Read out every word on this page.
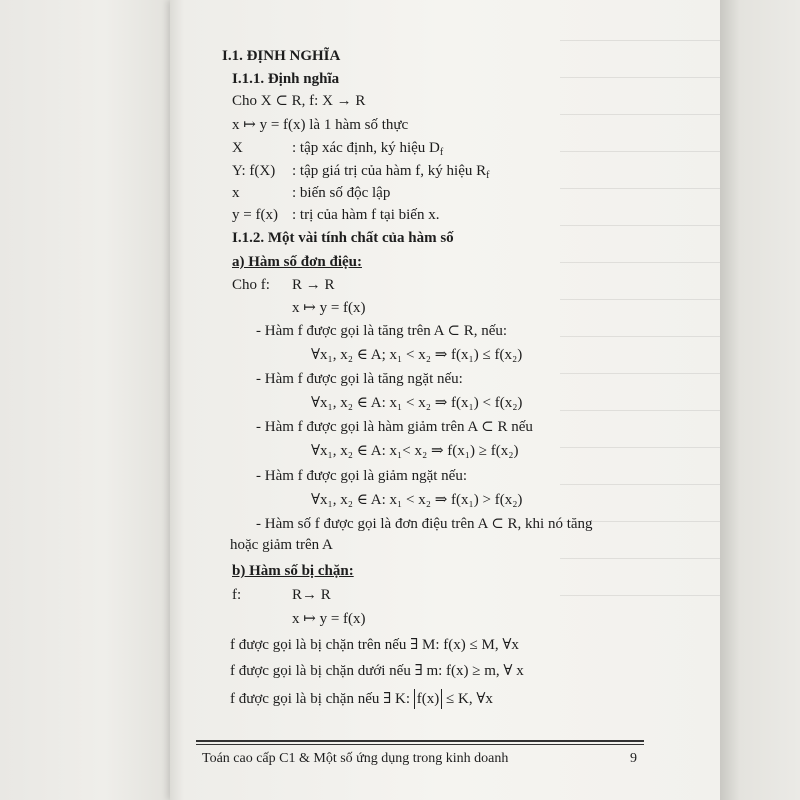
I.1. ĐỊNH NGHĨA
I.1.1. Định nghĩa
Cho X ⊂ R, f: X → R
x ↦ y = f(x) là 1 hàm số thực
X	: tập xác định, ký hiệu $D_f$
Y: f(X) : tập giá trị của hàm f, ký hiệu $R_f$
x	: biến số độc lập
y = f(x) : trị của hàm f tại biến x.
I.1.2. Một vài tính chất của hàm số
a) Hàm số đơn điệu:
Cho f: R → R
x ↦ y = f(x)
- Hàm f được gọi là tăng trên A ⊂ R, nếu:
∀x₁, x₂ ∈ A; x₁ < x₂ ⇒ f(x₁) ≤ f(x₂)
- Hàm f được gọi là tăng ngặt nếu:
∀x₁, x₂ ∈ A: x₁ < x₂ ⇒ f(x₁) < f(x₂)
- Hàm f được gọi là hàm giảm trên A ⊂ R nếu
∀x₁, x₂ ∈ A: x₁< x₂ ⇒ f(x₁) ≥ f(x₂)
- Hàm f được gọi là giảm ngặt nếu:
∀x₁, x₂ ∈ A: x₁ < x₂ ⇒ f(x₁) > f(x₂)
- Hàm số f được gọi là đơn điệu trên A ⊂ R, khi nó tăng
hoặc giảm trên A
b) Hàm số bị chặn:
f:	R→ R
x ↦ y = f(x)
f được gọi là bị chặn trên nếu ∃ M: f(x) ≤ M, ∀x
f được gọi là bị chặn dưới nếu ∃ m: f(x) ≥ m, ∀ x
f được gọi là bị chặn nếu ∃ K: f(x) ≤ K, ∀x
Toán cao cấp C1 & Một số ứng dụng trong kinh doanh	9
